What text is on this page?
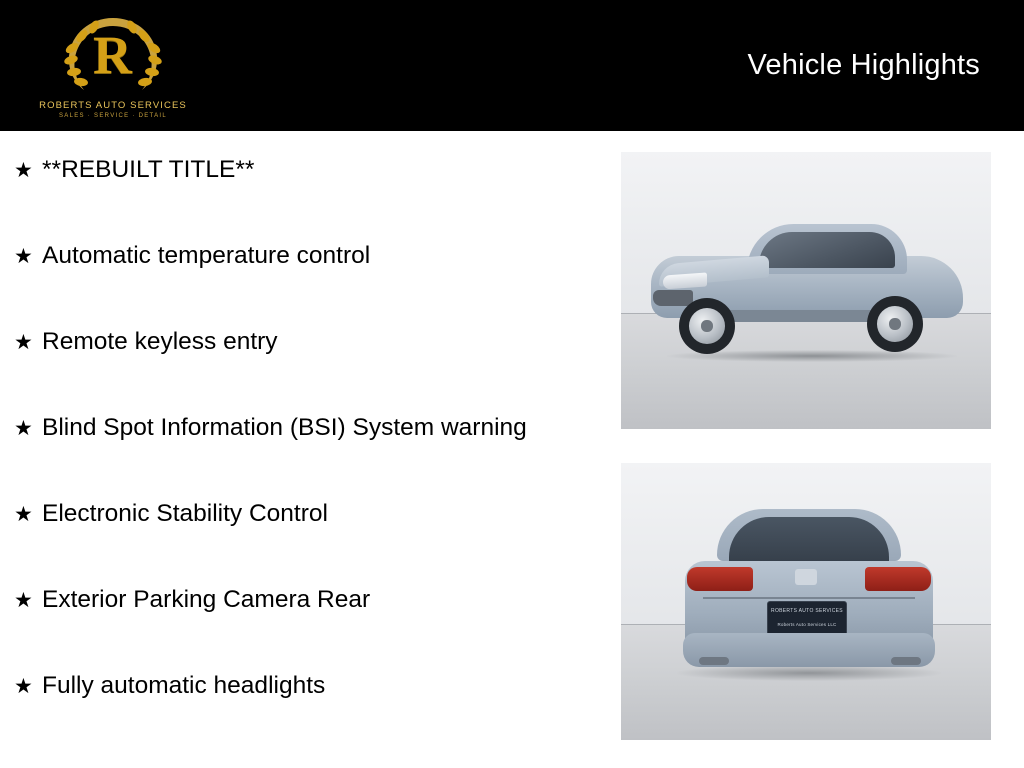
R
ROBERTS AUTO SERVICES
SALES · SERVICE · DETAIL
Vehicle Highlights
★ **REBUILT TITLE**
★ Automatic temperature control
★ Remote keyless entry
★ Blind Spot Information (BSI) System warning
★ Electronic Stability Control
★ Exterior Parking Camera Rear
★ Fully automatic headlights
ROBERTS AUTO SERVICES
Roberts Auto Services LLC
